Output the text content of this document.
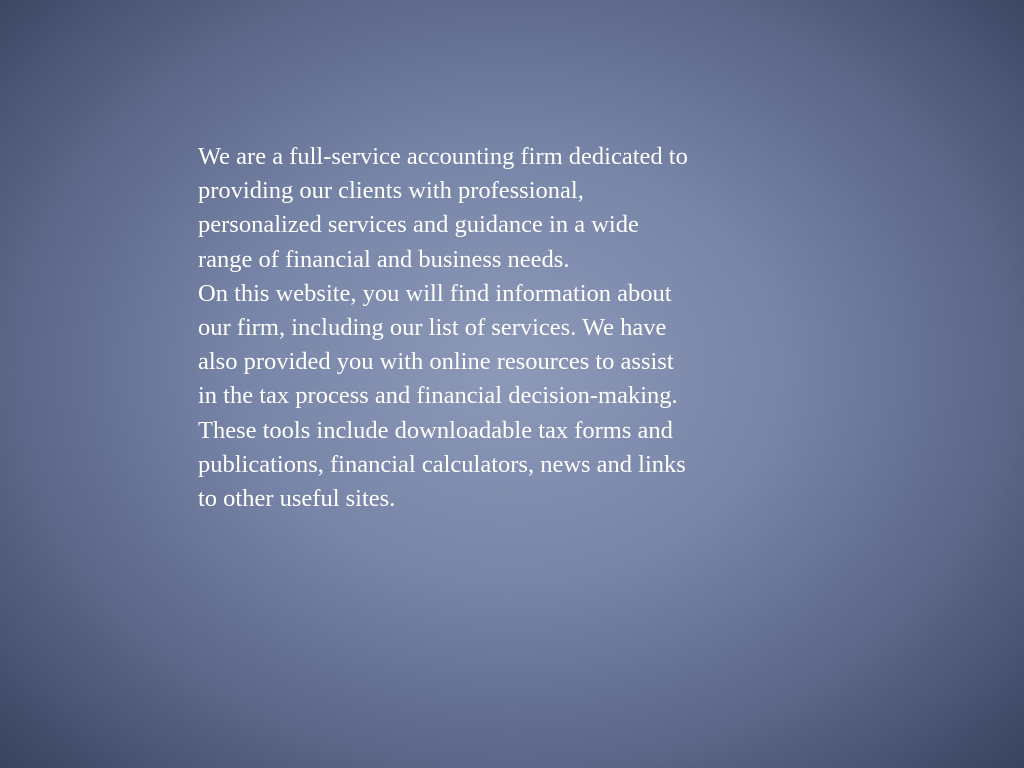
We are a full-service accounting firm dedicated to
providing our clients with professional,
personalized services and guidance in a wide
range of financial and business needs.
On this website, you will find information about
our firm, including our list of services. We have
also provided you with online resources to assist
in the tax process and financial decision-making.
These tools include downloadable tax forms and
publications, financial calculators, news and links
to other useful sites.
